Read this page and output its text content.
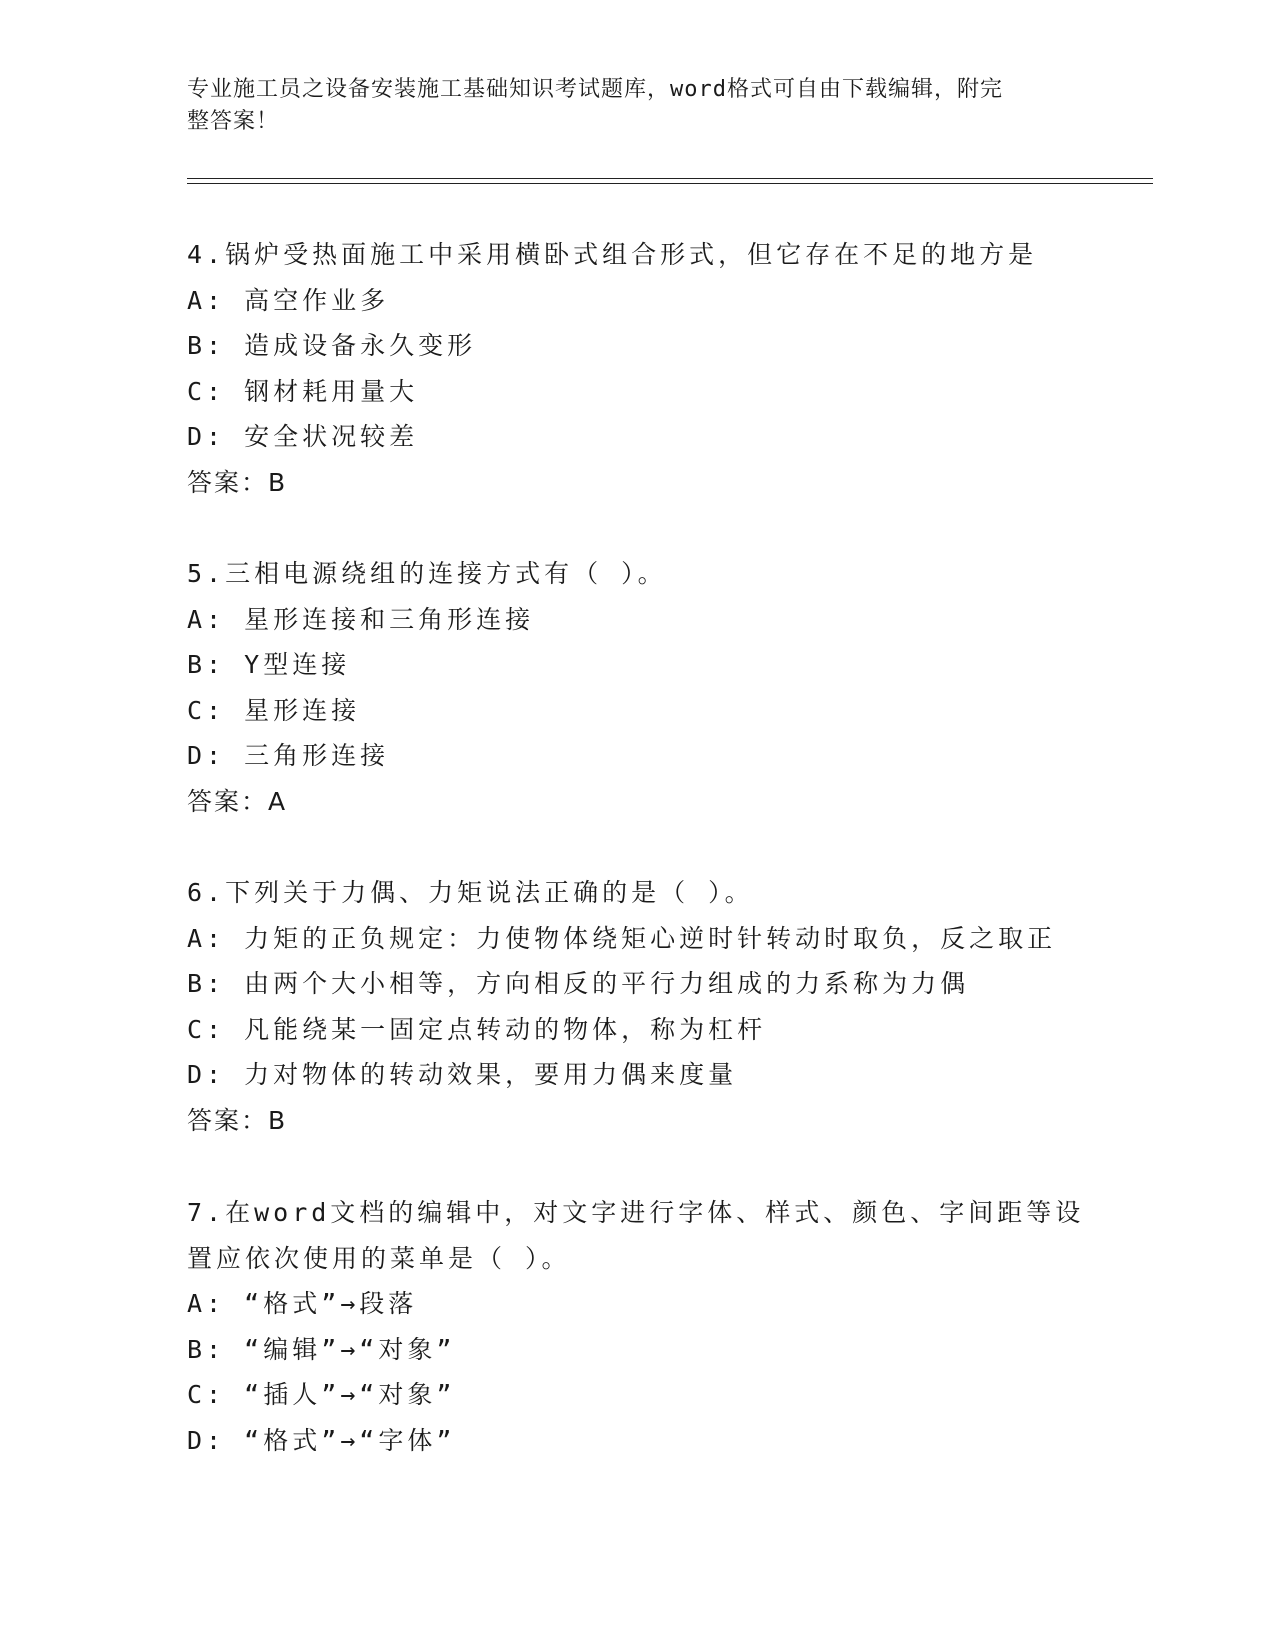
专业施工员之设备安装施工基础知识考试题库，word格式可自由下载编辑，附完
整答案！
4.锅炉受热面施工中采用横卧式组合形式，但它存在不足的地方是
A: 高空作业多
B: 造成设备永久变形
C: 钢材耗用量大
D: 安全状况较差
答案：B
5.三相电源绕组的连接方式有（ ）。
A: 星形连接和三角形连接
B: Y型连接
C: 星形连接
D: 三角形连接
答案：A
6.下列关于力偶、力矩说法正确的是（ ）。
A: 力矩的正负规定：力使物体绕矩心逆时针转动时取负，反之取正
B: 由两个大小相等，方向相反的平行力组成的力系称为力偶
C: 凡能绕某一固定点转动的物体，称为杠杆
D: 力对物体的转动效果，要用力偶来度量
答案：B
7.在word文档的编辑中，对文字进行字体、样式、颜色、字间距等设
置应依次使用的菜单是（ ）。
A: “格式”→段落
B: “编辑”→“对象”
C: “插人”→“对象”
D: “格式”→“字体”
